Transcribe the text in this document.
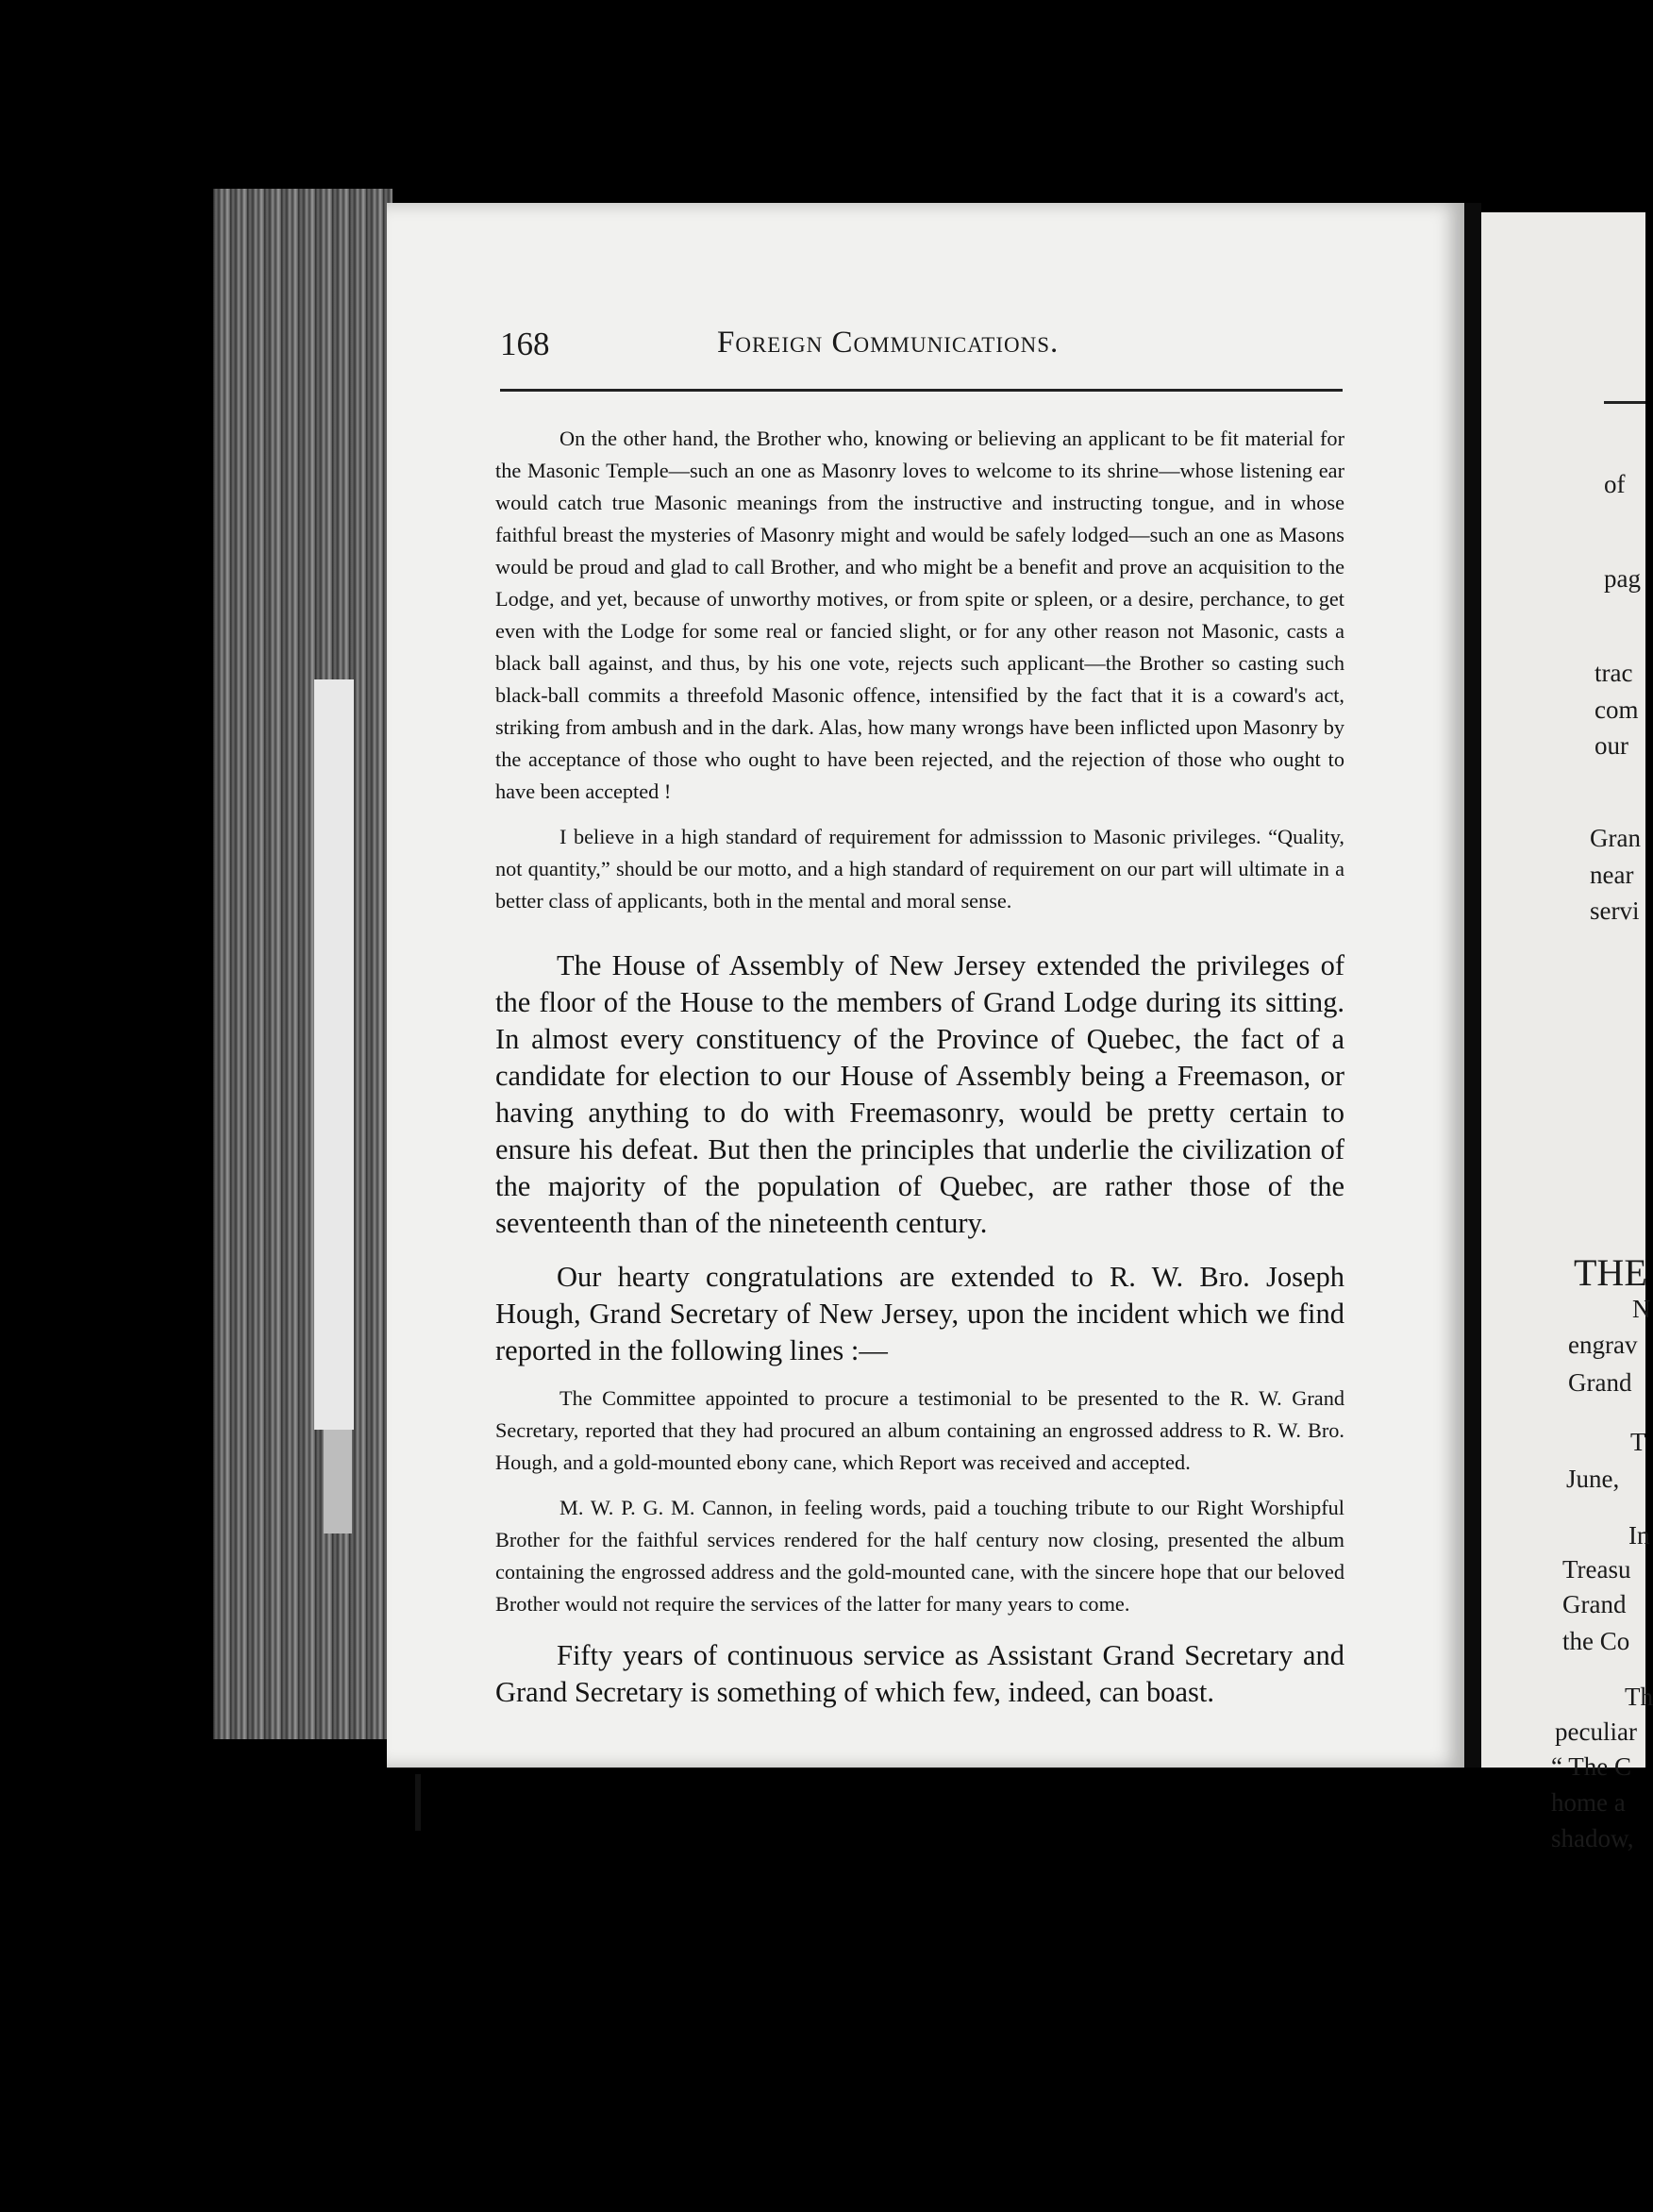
168	Foreign Communications.

On the other hand, the Brother who, knowing or believing an applicant to be fit material for the Masonic Temple—such an one as Masonry loves to welcome to its shrine—whose listening ear would catch true Masonic meanings from the instructive and instructing tongue, and in whose faithful breast the mysteries of Masonry might and would be safely lodged—such an one as Masons would be proud and glad to call Brother, and who might be a benefit and prove an acquisition to the Lodge, and yet, because of unworthy motives, or from spite or spleen, or a desire, perchance, to get even with the Lodge for some real or fancied slight, or for any other reason not Masonic, casts a black ball against, and thus, by his one vote, rejects such applicant—the Brother so casting such black-ball commits a threefold Masonic offence, intensified by the fact that it is a coward's act, striking from ambush and in the dark. Alas, how many wrongs have been inflicted upon Masonry by the acceptance of those who ought to have been rejected, and the rejection of those who ought to have been accepted !

I believe in a high standard of requirement for admisssion to Masonic privileges. “Quality, not quantity,” should be our motto, and a high standard of requirement on our part will ultimate in a better class of applicants, both in the mental and moral sense.

The House of Assembly of New Jersey extended the privileges of the floor of the House to the members of Grand Lodge during its sitting. In almost every constituency of the Province of Quebec, the fact of a candidate for election to our House of Assembly being a Freemason, or having anything to do with Freemasonry, would be pretty certain to ensure his defeat. But then the principles that underlie the civilization of the majority of the population of Quebec, are rather those of the seventeenth than of the nineteenth century.

Our hearty congratulations are extended to R. W. Bro. Joseph Hough, Grand Secretary of New Jersey, upon the incident which we find reported in the following lines :—

The Committee appointed to procure a testimonial to be presented to the R. W. Grand Secretary, reported that they had procured an album containing an engrossed address to R. W. Bro. Hough, and a gold-mounted ebony cane, which Report was received and accepted.

M. W. P. G. M. Cannon, in feeling words, paid a touching tribute to our Right Worshipful Brother for the faithful services rendered for the half century now closing, presented the album containing the engrossed address and the gold-mounted cane, with the sincere hope that our beloved Brother would not require the services of the latter for many years to come.

Fifty years of continuous service as Assistant Grand Secretary and Grand Secretary is something of which few, indeed, can boast.

of
pag
trac
com
our
Gran
near
servi
THE
N
engrav
Grand
T
June,
In
Treasu
Grand
the Co
Th
peculiar
“ The C
home a
shadow,
